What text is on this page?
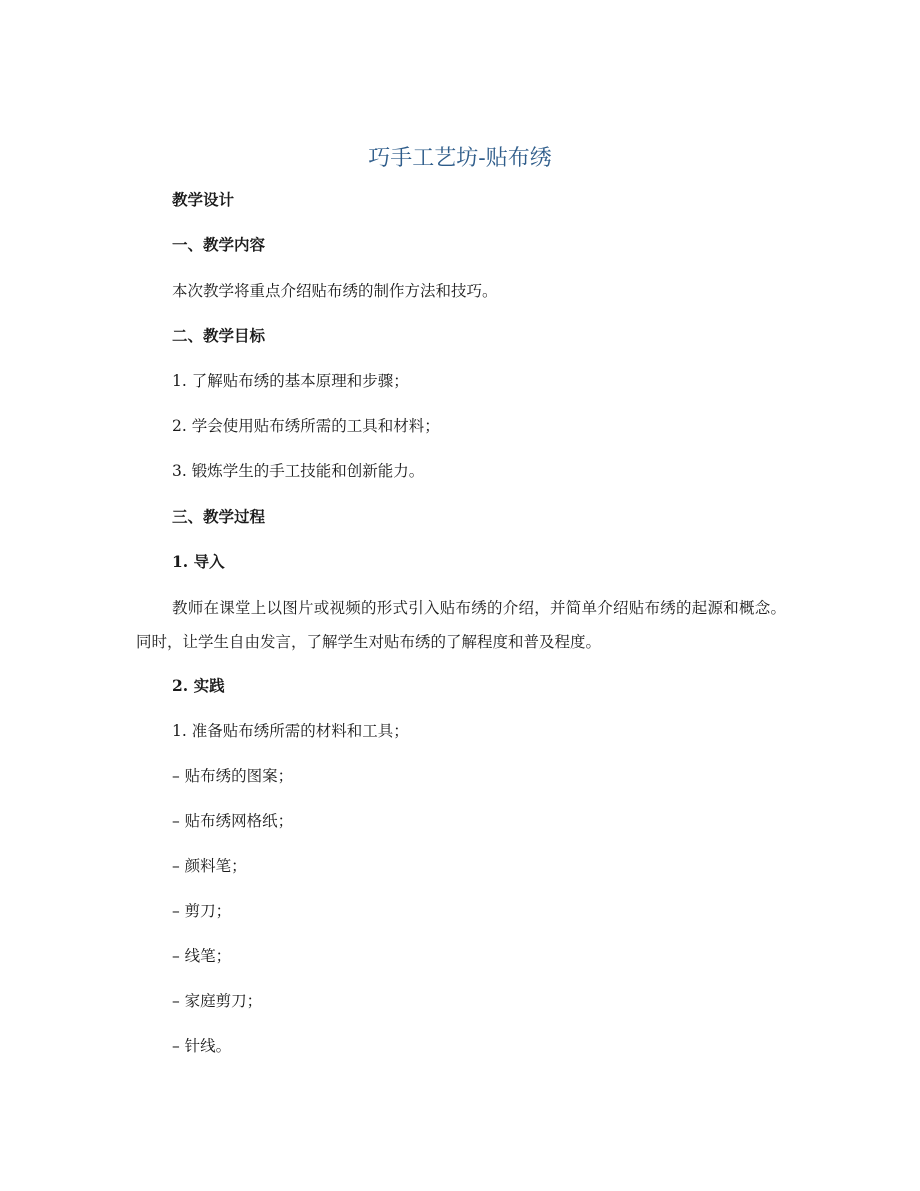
巧手工艺坊-贴布绣
教学设计
一、教学内容
本次教学将重点介绍贴布绣的制作方法和技巧。
二、教学目标
1. 了解贴布绣的基本原理和步骤；
2. 学会使用贴布绣所需的工具和材料；
3. 锻炼学生的手工技能和创新能力。
三、教学过程
1. 导入
教师在课堂上以图片或视频的形式引入贴布绣的介绍，并简单介绍贴布绣的起源和概念。同时，让学生自由发言，了解学生对贴布绣的了解程度和普及程度。
2. 实践
1. 准备贴布绣所需的材料和工具；
– 贴布绣的图案；
– 贴布绣网格纸；
– 颜料笔；
– 剪刀；
– 线笔；
– 家庭剪刀；
– 针线。
